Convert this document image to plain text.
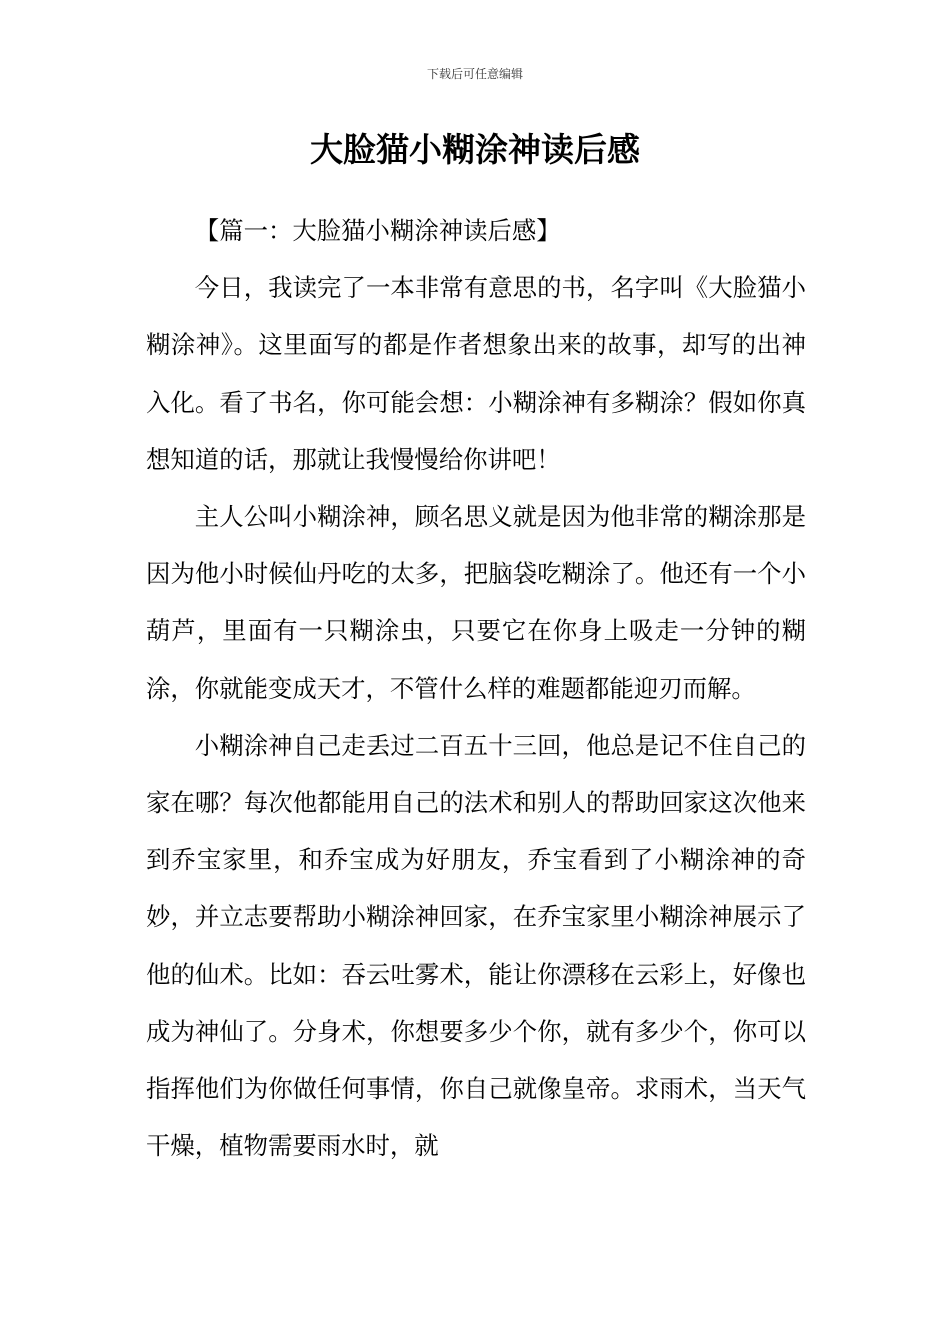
下载后可任意编辑
大脸猫小糊涂神读后感

【篇一：大脸猫小糊涂神读后感】

今日，我读完了一本非常有意思的书，名字叫《大脸猫小糊涂神》。这里面写的都是作者想象出来的故事，却写的出神入化。看了书名，你可能会想：小糊涂神有多糊涂？假如你真想知道的话，那就让我慢慢给你讲吧！

主人公叫小糊涂神，顾名思义就是因为他非常的糊涂那是因为他小时候仙丹吃的太多，把脑袋吃糊涂了。他还有一个小葫芦，里面有一只糊涂虫，只要它在你身上吸走一分钟的糊涂，你就能变成天才，不管什么样的难题都能迎刃而解。

小糊涂神自己走丢过二百五十三回，他总是记不住自己的家在哪？每次他都能用自己的法术和别人的帮助回家这次他来到乔宝家里，和乔宝成为好朋友，乔宝看到了小糊涂神的奇妙，并立志要帮助小糊涂神回家，在乔宝家里小糊涂神展示了他的仙术。比如：吞云吐雾术，能让你漂移在云彩上，好像也成为神仙了。分身术，你想要多少个你，就有多少个，你可以指挥他们为你做任何事情，你自己就像皇帝。求雨术，当天气干燥，植物需要雨水时，就
